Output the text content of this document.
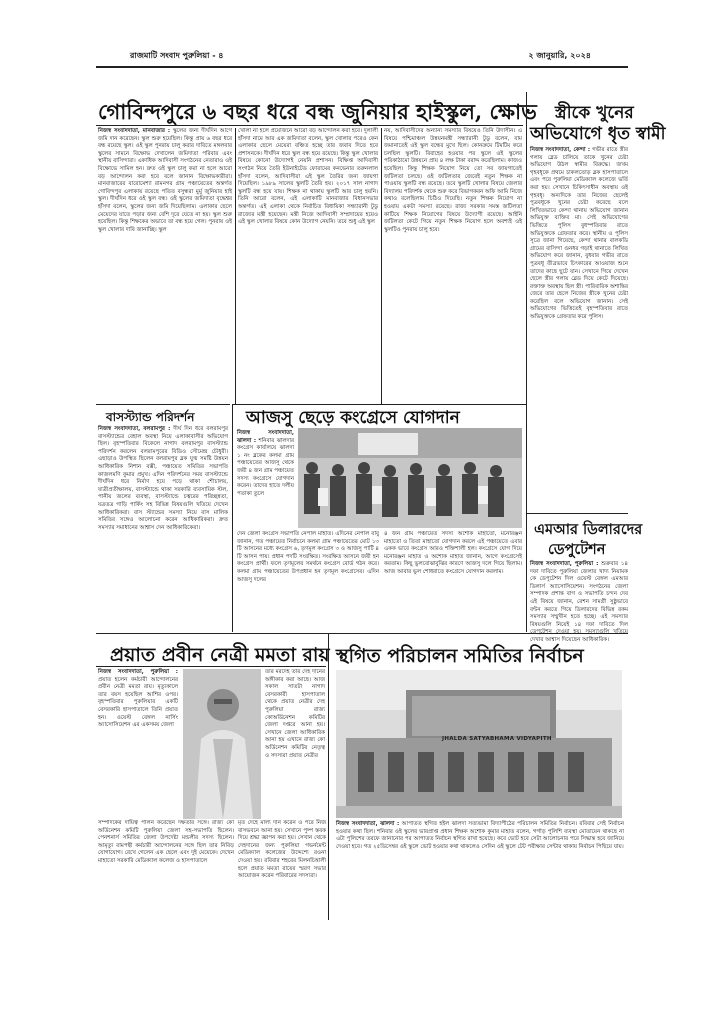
রাজমাটি সংবাদ পুরুলিয়া - ৪	২ জানুয়ারি, ২০২৪
গোবিন্দপুরে ৬ বছর ধরে বন্ধ জুনিয়ার হাইস্কুল, ক্ষোভ
নিজস্ব সংবাদদাতা, মানবাজার : স্কুলের জন্য দীর্ঘদিন আগে জমি দান করেছেন। স্কুল শুরু হয়েছিল। কিন্তু প্রায় ৬ বছর ধরে বন্ধ রয়েছে স্কুল। ওই স্কুল পুনরায় চালু করার দাবিতে মঙ্গলবার স্কুলের সামনে বিক্ষোভ দেখালেন জমিদাতা পরিবার এবং স্থানীয় বাসিন্দারা। একাধিক আদিবাসী সংগঠনের নেতারাও ওই বিক্ষোভে সামিল হন। দ্রুত ওই স্কুল চালু করা না হলে আরো বড় আন্দোলন করা হবে বলে জানান বিক্ষোভকারীরা। মানবাজারের বারোমেশ্যা রামনগর গ্রাম পঞ্চায়েতের অন্তর্গত গোবিন্দপুর এলাকায় রয়েছে পতিত বসুন্ধরা মুর্মু জুনিয়ার হাই স্কুল। দীর্ঘদিন ধরে ওই স্কুল বন্ধ। ওই স্কুলের জমিদাতা বৃদ্ধেশ্বর হাঁসদা বলেন, স্কুলের জন্য জমি দিয়েছিলাম। এলাকার ছেলে মেয়েদের যাতে পড়ার জন্য বেশি দূরে যেতে না হয়। স্কুল শুরু হয়েছিল। কিন্তু শিক্ষকের অভাবে তা বন্ধ হয়ে গেল। পুনরায় ওই স্কুল খোলার দাবি জানাচ্ছি। স্কুল
খোলা না হলে প্রয়োজনে আরো বড় আন্দোলন করা হবে। দুলালী হাঁসদা নামে আর এক জমিদাতা বলেন, স্কুল খোলার পরেও কেন এলাকার ছেলে মেয়েরা বঞ্চিত হচ্ছে তার জবাব দিতে হবে প্রশাসনকে। দীর্ঘদিন ধরে স্কুল বন্ধ হয়ে রয়েছে। কিন্তু স্কুল খোলার বিষয়ে কোনো উদ্যোগই নেয়নি প্রশাসন। বিক্ষিপ্ত আদিবাসী সংগঠন নিয়ে তৈরি ইউনাইটেড ফোরামের কনভেনার তরুনলাল হাঁসদা বলেন, আদিবাসীরা এই স্কুল তৈরির জন্য জায়গা দিয়েছিল। ১৯৮৯ সালের স্কুলটি তৈরি হয়। ২০১৭ সাল নাগাদ স্কুলটি বন্ধ হয়ে যায়। শিক্ষক না থাকায় স্কুলটি আর চালু হয়নি। তিনি আরো বলেন, এই এলাকাটি মানবাজার বিধানসভার অন্তর্গত। এই এলাকা থেকে নির্বাচিত বিধায়িকা সন্ধ্যারানী টুডু রাজ্যের মন্ত্রী হয়েছেন। মন্ত্রী নিজে আদিবাসী সম্প্রদায়ের হয়েও এই স্কুল খোলার বিষয়ে কোন উদ্যোগ নেয়নি। তবে শুধু এই স্কুল
নয়, আদিবাসীদের অন্যান্য সমস্যার বিষয়েও তিনি উদাসীন। এ বিষয়ে পশ্চিমাঞ্চল উন্নয়নমন্ত্রী সন্ধ্যারানী টুডু বলেন, বাম জমানাতেই ওই স্কুল বন্ধের মুখে ছিল। কোনক্রমে টিমটিম করে চলছিল স্কুলটি। বিবাহের হওয়ার পর স্কুলে ওই স্কুলের পরিকাঠামো উন্নয়নে প্রায় ৪ লক্ষ টাকা বরাদ্দ করেছিলাম। কাজও হয়েছিল। কিন্তু শিক্ষক নিয়োগ নিয়ে তো সব জায়গাতেই জটিলতা চলছে। ওই জটিলতার জেরেই নতুন শিক্ষক না পাওয়ায় স্কুলটি বন্ধ রয়েছে। তবে স্কুলটি খোলার বিষয়ে জেলার বিদ্যালয় পরিদর্শক থেকে শুরু করে বিভাগকরন অফি আমি নিজে কথাও বলেছিলাম চিঠিও দিয়েছি। নতুন শিক্ষক নিয়োগ না হওয়ায় একটা সমস্যা রয়েছে। রাজ্য সরকার সমস্ত জটিলতা কাটিয়ে শিক্ষক নিয়োগের বিষয়ে উদ্যোগী রয়েছে। আইনি জটিলতা কেটে গিয়ে নতুন শিক্ষক নিয়োগ হলে অবশ্যই ওই স্কুলটিও পুনরায় চালু হবে।
স্ত্রীকে খুনের
অভিযোগে ধৃত স্বামী
নিজস্ব সংবাদদাতা, কেন্দা : গভীর রাতে স্ত্রীর গলায় ব্লেড চালিয়ে তাকে খুনের চেষ্টা অভিযোগ উঠল স্বামীর বিরুদ্ধে। জখম গৃহবধূকে প্রথমে চাকলতোড় ব্লক হাসপাতালে এবং পরে পুরুলিয়া মেডিক্যাল কলেজে ভর্তি করা হয়। সেখানে চিকিৎসাধীন অবস্থায় ওই গৃহবধূ। অন্যদিকে তার নিজের ছেলেই পুত্রবধূকে খুনের চেষ্টা করেছে বলে লিখিতভাবে কেন্দা থানায় অভিযোগ জানান অভিযুক্ত ব্যক্তির মা। সেই অভিযোগের ভিত্তিতে পুলিস বুধস্পতিবার রাতে অভিযুক্তকে গ্রেফতার করে। স্থানীয় ও পুলিস সূত্রে জানা গিয়েছে, কেন্দা থানার বালকডি গ্রামের বাসিন্দা গুনধর গড়াই থানাতে লিখিত অভিযোগ করে জানান, বুধবার গভীর রাতে পুত্রবধূ তীব্রভাবে চিৎকারের আওয়াজ শুনে তাদের কাছে ছুটে যান। সেখানে গিয়ে দেখেন ছেলে স্ত্রীর গলায় ব্লেড দিয়ে কেটে দিয়েছে। রক্তাক্ত অবস্থায় ছিল স্ত্রী। পারিবারিক অশান্তির জেরে তার ছেলে নিজের স্ত্রীকে খুনের চেষ্টা করেছিল বলে অভিযোগ জানান। সেই অভিযোগের ভিত্তিতেই বৃহস্পতিবার রাতে অভিযুক্তকে গ্রেফতার করে পুলিস।
এমআর ডিলারদের
ডেপুটেশন
নিজস্ব সংবাদদাতা, পুরুলিয়া : শুক্রবার ১৪ দফা দাবিতে পুরুলিয়া জেলার খাদ্য নিয়ামক কে ডেপুটেশন দিল ওয়েস্ট বেঙ্গল এমআর ডিলার্স অ্যাসোসিয়েশন। সংগঠনের জেলা সম্পাদক প্রশান্ত বাগ ও সভাপতি চন্দন দেব এই বিষয়ে জানান, রেশন সামগ্রী সুষ্ঠুভাবে বন্টন করতে গিয়ে ডিলারদের বিভিন্ন রকম সমস্যার সম্মুখীন হতে হচ্ছে। এই সমস্যার বিষয়গুলি নিয়েই ১৪ দফা দাবিতে দিল দেখার আশ্বাস দিয়েছেন আধিকারিক।
বাসস্ট্যান্ড পরিদর্শন
নিজস্ব সংবাদদাতা, বলরামপুর : দীর্ঘ দিন ধরে বলরামপুর বাসস্ট্যান্ডের বেহাল অবস্থা নিয়ে এলাকাবাসীর অভিযোগ ছিল। বৃহস্পতিবার বিকেলে নাগাদ বলরামপুর বাসস্ট্যান্ড পরিদর্শন করলেন বলরামপুরের বিডিও সৌমেন্দ্র চৌধুরী। এছাড়াও উপস্থিত ছিলেন বলরামপুর ব্লক যুগ্ম সমষ্টি উন্নয়ন আধিকারিক নিশান বক্সী, পঞ্চায়েত সমিতির সভাপতি কাজলমণি কুমার প্রমুখ। এদিন পরিদর্শনের সময় বাসস্ট্যান্ডে দীর্ঘদিন ধরে নির্মাণ হয়ে পড়ে থাকা শৌচালয়, যাত্রীপ্রতীক্ষালয়, বাসস্ট্যান্ডে থাকা সরকারি ব্যবসায়িক স্টল, পানীয় জলের ব্যবস্থা, বাসস্ট্যান্ডে চত্বরের পরিচ্ছন্নতা, যত্রতত্র গাড়ি পার্কিং সহ বিভিন্ন বিষয়গুলি খতিয়ে দেখেন আধিকারিকরা। বাস স্ট্যান্ডের সমস্যা নিয়ে বাস মালিক সমিতির সঙ্গেও আলোচনা করেন আধিকারিকরা। দ্রুত সমস্যার সমাধানের আশ্বাস দেন আধিকারিকেরা।
আজসু ছেড়ে কংগ্রেসে যোগদান
নিজস্ব সংবাদদাতা, ঝালদা : শনিবার ঝালদার কংগ্রেস কার্যালয়ে ঝালদা ১ নং ব্লকের কলমা গ্রাম পঞ্চায়েতের আজসু থেকে জয়ী ৪ জন গ্রাম পঞ্চায়েত সদস্য কংগ্রেসে যোগদান করেন। তাদের হাতে দলীয় পতাকা তুলে
দেন জেলা কংগ্রেস সভাপতি নেপাল মাহাত। এদিনের নেপাল বাবু জানান, গত পঞ্চায়েত নির্বাচনে কলমা গ্রাম পঞ্চায়েতের মোট ১৩ টি আসনের মধ্যে কংগ্রেস ৬, তৃণমূল কংগ্রেস ৩ ও আজসু পার্টি ৪ টি আসন পায়। প্রধান পদটি সংরক্ষিত। সংরক্ষিত আসনে জয়ী হন কংগ্রেস প্রার্থী। ফলে তৃণমূলের সমর্থনে কংগ্রেস বোর্ড গঠন করে। কলমা গ্রাম পঞ্চায়েতের উপপ্রধান হন তৃণমূল কংগ্রেসের। এদিন আজসু দলের
৪ জন গ্রাম পঞ্চায়েত সদস্য অশোক মাহাতো, মনোরঞ্জন মাহাতো ও তিতা মাহাতো যোগদান করলে এই পঞ্চায়েতে এবার একক ভাবে কংগ্রেস আরও শক্তিশালী হল। কংগ্রেসে যোগ দিয়ে মনোরঞ্জন মাহাত ও অশোক মাহাত জানান, আগে কংগ্রেসেই করতাম। কিছু ভুলবোঝাবুঝির কারণে আজসু দলে গিয়ে ছিলাম। আজ আবার ভুল শোধরাতে কংগ্রেসে যোগদান করলাম।
প্রয়াত প্রবীন নেত্রী মমতা রায়
নিজস্ব সংবাদদাতা, পুরুলিয়া : প্রয়াত হলেন কর্মচারী আন্দোলনের প্রবীন নেত্রী মমতা রায়। মৃত্যুকালে তার বয়স হয়েছিল আশির ওপর। বৃহস্পতিবার পুরুলিয়ার একটি বেসরকারি হাসপাতালে তিনি প্রয়াত হন। ওয়েস্ট বেঙ্গল নার্সিং অ্যাসোসিয়েশন এর একসময় জেলা
তার মরদেহ তার দেহ দানের অঙ্গীকার করা আছে। আজ সকাল সাতটা নাগাদ বেসরকারী হাসপাতাল থেকে প্রয়াত নেত্রীর দেহ পুরুলিয়া রাজ্য কোঅর্ডিনেশন কমিটির জেলা দপ্তরে আনা হয়। সেখানে জেলা আধিকারিক আনা হয় এখানে রাজ্য কো অর্ডিনেশন কমিটির নেতৃত্ব ও সদস্যরা প্রয়াত নেত্রীর
সম্পাদকের দায়িত্ব পালন করেছেন দক্ষতার সঙ্গে। রাজ্য কো অর্ডিনেশন কমিটি পুরুলিয়া জেলা সহ-সভাপতি ছিলেন। পেনশনার্স সমিতির জেলা উপদেষ্টা মন্ডলীর সদস্য ছিলেন। আমৃত্যু বামপন্থী কর্মচারী আন্দোলনের সঙ্গে ছিল তার নিবিড় যোগাযোগ। রেখে গেলেন এক ছেলে এবং দুই মেয়েকে। দেখেন মাহাতো সরকারি মেডিক্যাল কলেজ ও হাসপাতালে
মৃত দেহে মাল্য দান করেন ও পরে নিজ বাসভবনে আনা হয়। সেখানে পুষ্প স্তবক দিয়ে শ্রদ্ধা জ্ঞাপন করা হয়। সেখান থেকে দেহদানের জন্য পুরুলিয়া গভর্নমেন্ট মেডিক্যাল কলেজের উদ্দেশ্যে রওনা দেওয়া হয়। রবিবার শহরের মিলনচিত্তালী হলে প্রয়াত মমতা রায়ের স্মরণ সভার আয়োজন করেন পরিবারের সদস্যরা।
স্থগিত পরিচালন সমিতির নির্বাচন
JHALDA SATYABHAMA VIDYAPITH
নিজস্ব সংবাদদাতা, ঝালদা : আপাতত স্থগিত হইল ঝালদা সত্যভামা বিদ্যাপীঠের পরিচালন সমিতির নির্বাচন। রবিবার সেই নির্বাচন হওয়ার কথা ছিল। শনিবার ওই স্কুলের ভারপ্রাপ্ত প্রধান শিক্ষক অশোক কুমার মাহাত বলেন, গর্গাড় পুলিশি ব্যবস্থা মোতায়েন থাকছে না এটা পুলিশের তরফে জানানোর পর আপাতত নির্বাচন স্থগিত রাখা হয়েছে। কবে ভোট হবে সেটা আলোচনার পরে সিদ্ধান্ত হবে জানিয়ে দেওয়া হবে। গত ২৫ডিসেম্বর ওই স্কুলে ভোট হওয়ার কথা থাকলেও সেদিন ওই স্কুলে টেট পরীক্ষার সেন্টার থাকায় নির্বাচন পিছিয়ে যায়।
